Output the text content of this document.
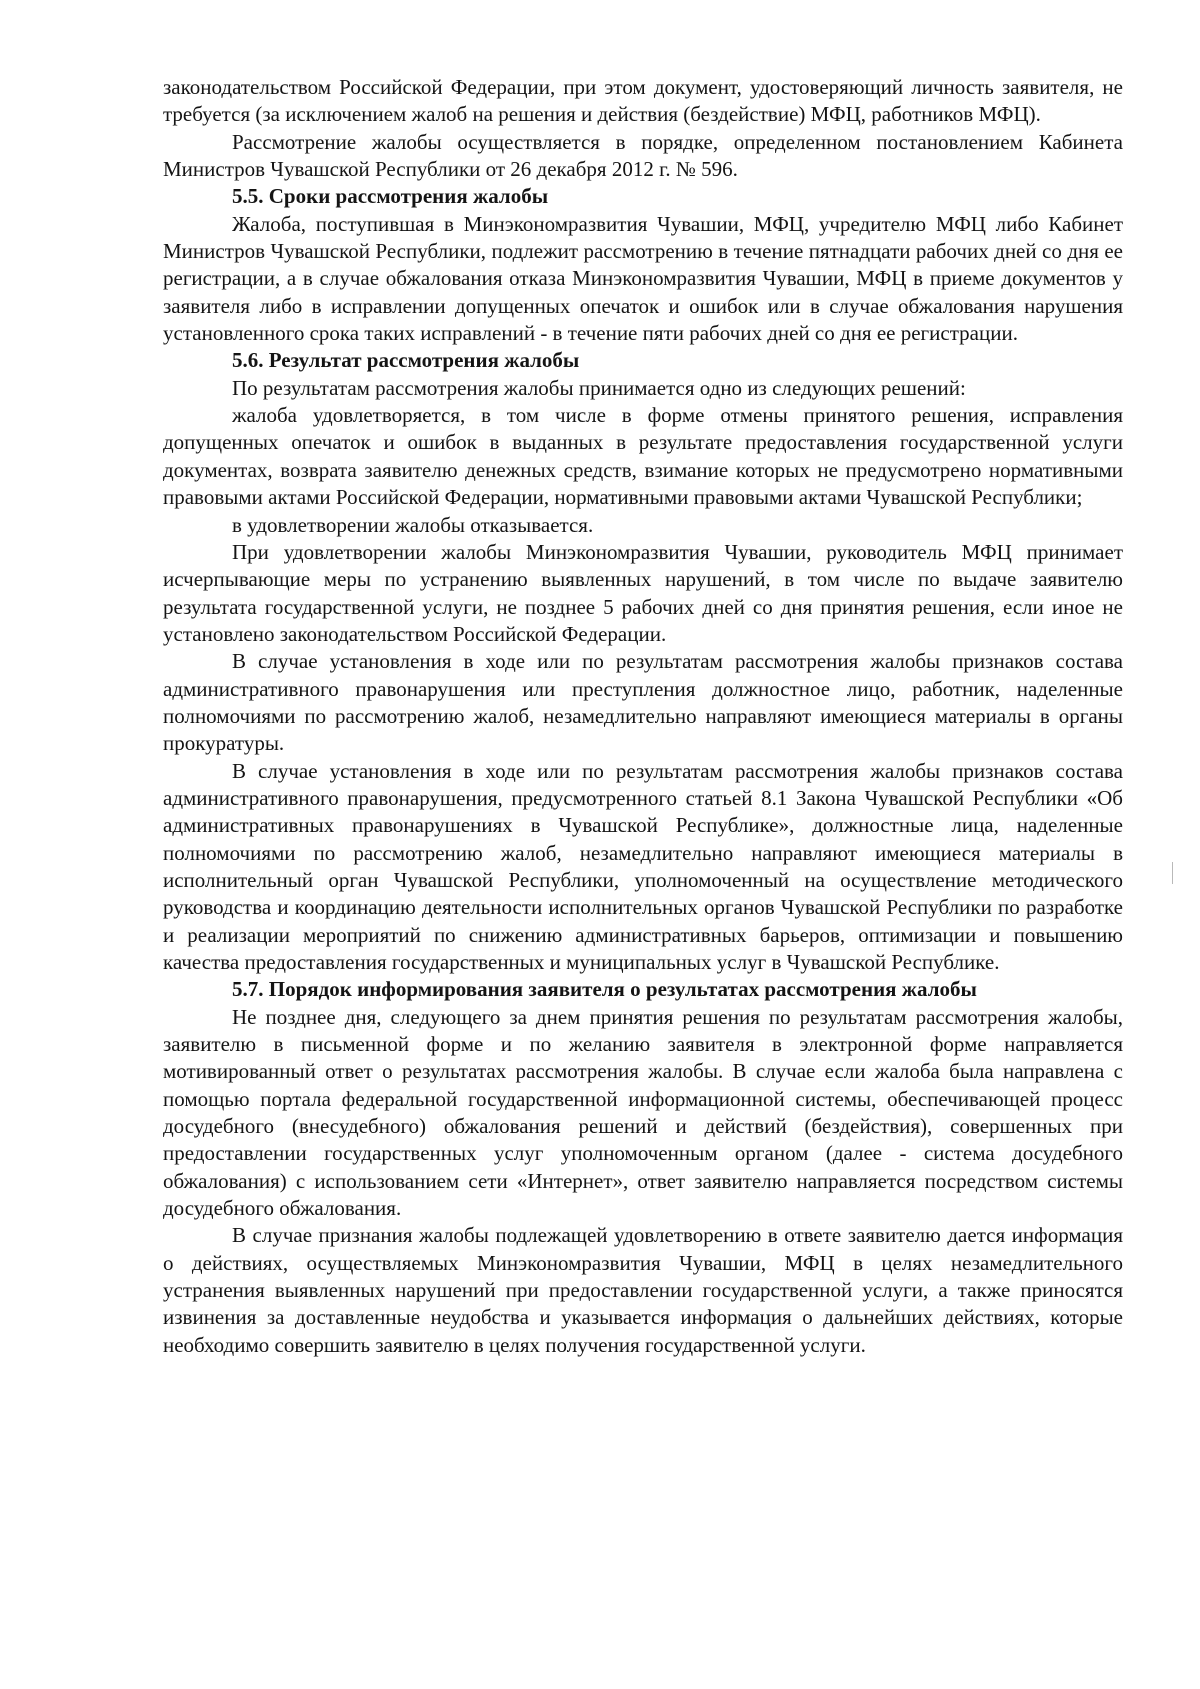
законодательством Российской Федерации, при этом документ, удостоверяющий личность заявителя, не требуется (за исключением жалоб на решения и действия (бездействие) МФЦ, работников МФЦ).

Рассмотрение жалобы осуществляется в порядке, определенном постановлением Кабинета Министров Чувашской Республики от 26 декабря 2012 г. № 596.

5.5. Сроки рассмотрения жалобы

Жалоба, поступившая в Минэкономразвития Чувашии, МФЦ, учредителю МФЦ либо Кабинет Министров Чувашской Республики, подлежит рассмотрению в течение пятнадцати рабочих дней со дня ее регистрации, а в случае обжалования отказа Минэкономразвития Чувашии, МФЦ в приеме документов у заявителя либо в исправлении допущенных опечаток и ошибок или в случае обжалования нарушения установленного срока таких исправлений - в течение пяти рабочих дней со дня ее регистрации.

5.6. Результат рассмотрения жалобы

По результатам рассмотрения жалобы принимается одно из следующих решений:

жалоба удовлетворяется, в том числе в форме отмены принятого решения, исправления допущенных опечаток и ошибок в выданных в результате предоставления государственной услуги документах, возврата заявителю денежных средств, взимание которых не предусмотрено нормативными правовыми актами Российской Федерации, нормативными правовыми актами Чувашской Республики;

в удовлетворении жалобы отказывается.

При удовлетворении жалобы Минэкономразвития Чувашии, руководитель МФЦ принимает исчерпывающие меры по устранению выявленных нарушений, в том числе по выдаче заявителю результата государственной услуги, не позднее 5 рабочих дней со дня принятия решения, если иное не установлено законодательством Российской Федерации.

В случае установления в ходе или по результатам рассмотрения жалобы признаков состава административного правонарушения или преступления должностное лицо, работник, наделенные полномочиями по рассмотрению жалоб, незамедлительно направляют имеющиеся материалы в органы прокуратуры.

В случае установления в ходе или по результатам рассмотрения жалобы признаков состава административного правонарушения, предусмотренного статьей 8.1 Закона Чувашской Республики «Об административных правонарушениях в Чувашской Республике», должностные лица, наделенные полномочиями по рассмотрению жалоб, незамедлительно направляют имеющиеся материалы в исполнительный орган Чувашской Республики, уполномоченный на осуществление методического руководства и координацию деятельности исполнительных органов Чувашской Республики по разработке и реализации мероприятий по снижению административных барьеров, оптимизации и повышению качества предоставления государственных и муниципальных услуг в Чувашской Республике.

5.7. Порядок информирования заявителя о результатах рассмотрения жалобы

Не позднее дня, следующего за днем принятия решения по результатам рассмотрения жалобы, заявителю в письменной форме и по желанию заявителя в электронной форме направляется мотивированный ответ о результатах рассмотрения жалобы. В случае если жалоба была направлена с помощью портала федеральной государственной информационной системы, обеспечивающей процесс досудебного (внесудебного) обжалования решений и действий (бездействия), совершенных при предоставлении государственных услуг уполномоченным органом (далее - система досудебного обжалования) с использованием сети «Интернет», ответ заявителю направляется посредством системы досудебного обжалования.

В случае признания жалобы подлежащей удовлетворению в ответе заявителю дается информация о действиях, осуществляемых Минэкономразвития Чувашии, МФЦ в целях незамедлительного устранения выявленных нарушений при предоставлении государственной услуги, а также приносятся извинения за доставленные неудобства и указывается информация о дальнейших действиях, которые необходимо совершить заявителю в целях получения государственной услуги.
